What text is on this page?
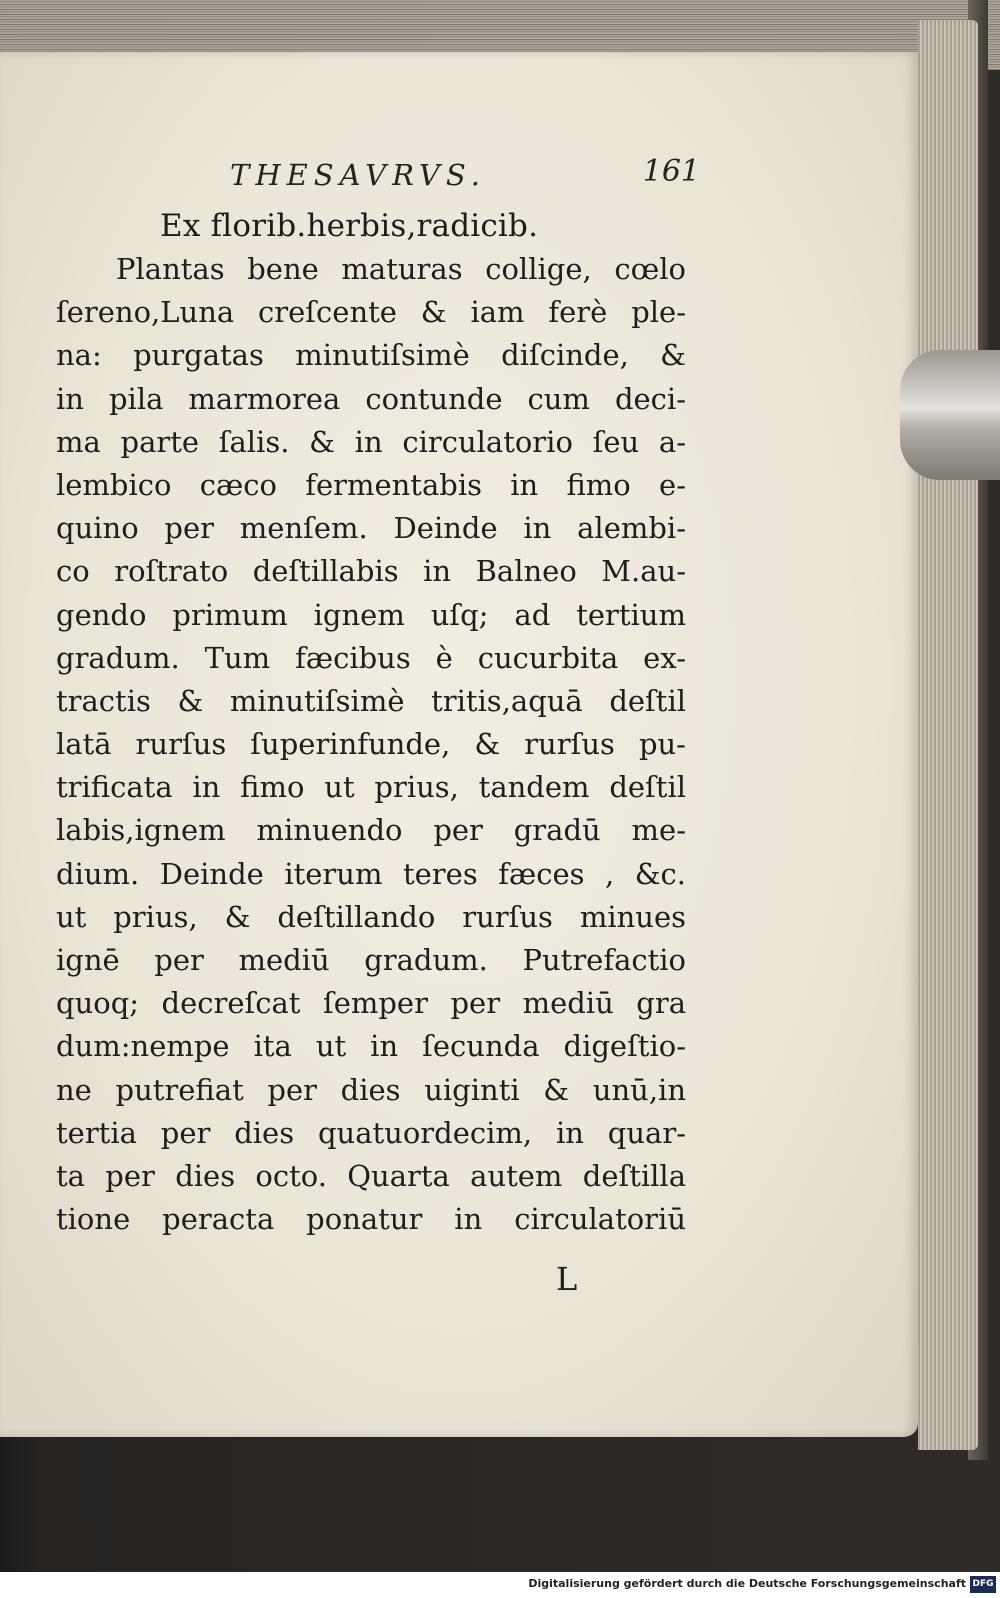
THESAVRVS.	161
Ex florib.herbis,radicib.
Plantas bene maturas collige, cœlo
ſereno,Luna creſcente & iam ferè ple-
na: purgatas minutiſsimè diſcinde, &
in pila marmorea contunde cum deci-
ma parte ſalis. & in circulatorio ſeu a-
lembico cæco fermentabis in fimo e-
quino per menſem. Deinde in alembi-
co roſtrato deſtillabis in Balneo M.au-
gendo primum ignem uſq; ad tertium
gradum. Tum fæcibus è cucurbita ex-
tractis & minutiſsimè tritis,aquā deſtil
latā rurſus ſuperinfunde, & rurſus pu-
trificata in fimo ut prius, tandem deſtil
labis,ignem minuendo per gradū me-
dium. Deinde iterum teres fæces , &c.
ut prius, & deſtillando rurſus minues
ignē per mediū gradum. Putrefactio
quoq; decreſcat ſemper per mediū gra
dum:nempe ita ut in ſecunda digeſtio-
ne putrefiat per dies uiginti & unū,in
tertia per dies quatuordecim, in quar-
ta per dies octo. Quarta autem deſtilla
tione peracta ponatur in circulatoriū
L
Digitalisierung gefördert durch die Deutsche Forschungsgemeinschaft DFG
